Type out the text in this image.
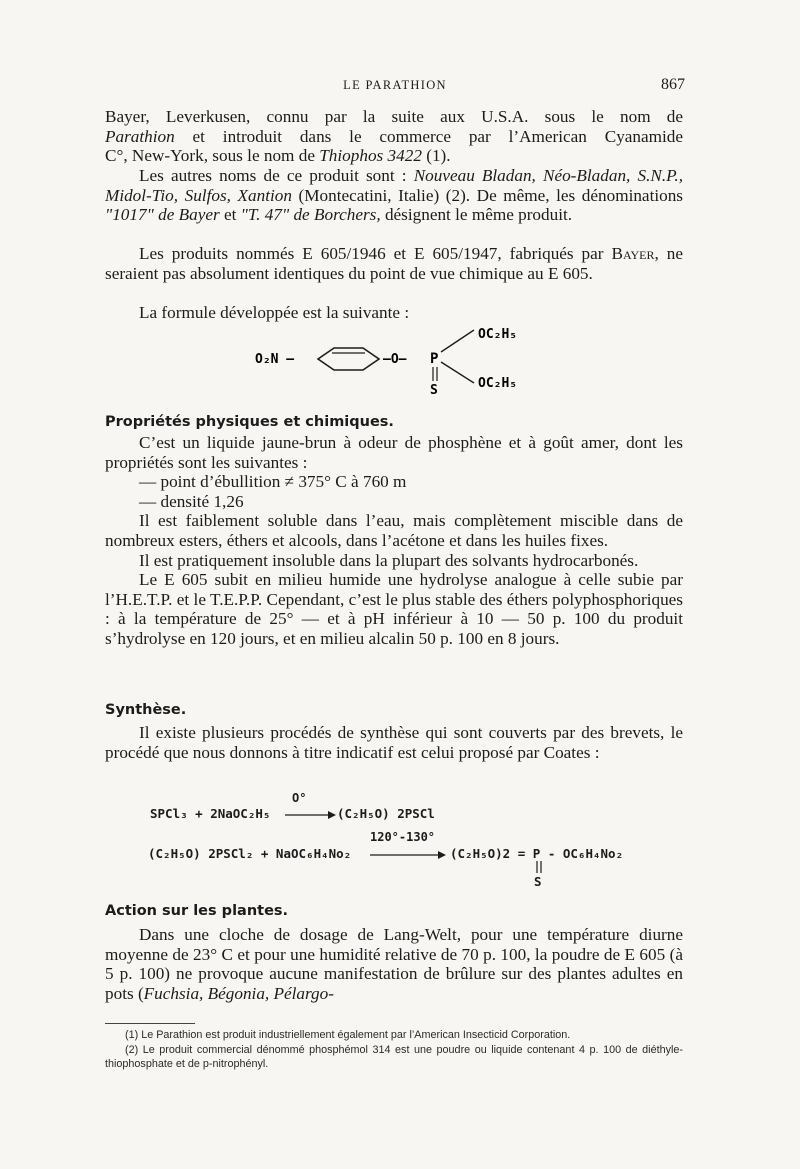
LE PARATHION	867

Bayer, Leverkusen, connu par la suite aux U.S.A. sous le nom de

Parathion et introduit dans le commerce par l’American Cyanamide

C°, New-York, sous le nom de Thiophos 3422 (1).

Les autres noms de ce produit sont : Nouveau Bladan, Néo-Bladan, S.N.P., Midol-Tio, Sulfos, Xantion (Montecatini, Italie) (2). De même, les dénominations "1017" de Bayer et "T. 47" de Borchers, désignent le même produit.

Les produits nommés E 605/1946 et E 605/1947, fabriqués par Bayer, ne seraient pas absolument identiques du point de vue chimique au E 605.

La formule développée est la suivante :

O₂N —	—O— P
S
OC₂H₅
OC₂H₅
Propriétés physiques et chimiques.

C’est un liquide jaune-brun à odeur de phosphène et à goût amer, dont les propriétés sont les suivantes :

— point d’ébullition ≠ 375° C à 760 m

— densité 1,26

Il est faiblement soluble dans l’eau, mais complètement miscible dans de nombreux esters, éthers et alcools, dans l’acétone et dans les huiles fixes.

Il est pratiquement insoluble dans la plupart des solvants hydrocarbonés.

Le E 605 subit en milieu humide une hydrolyse analogue à celle subie par l’H.E.T.P. et le T.E.P.P. Cependant, c’est le plus stable des éthers polyphosphoriques : à la température de 25° — et à pH inférieur à 10 — 50 p. 100 du produit s’hydrolyse en 120 jours, et en milieu alcalin 50 p. 100 en 8 jours.

Synthèse.

Il existe plusieurs procédés de synthèse qui sont couverts par des brevets, le procédé que nous donnons à titre indicatif est celui proposé par Coates :

O°
SPCl₃ + 2NaOC₂H₅	(C₂H₅O) 2PSCl
120°-130°
(C₂H₅O) 2PSCl₂ + NaOC₆H₄No₂	(C₂H₅O)2 = P - OC₆H₄No₂
S
Action sur les plantes.

Dans une cloche de dosage de Lang-Welt, pour une température diurne moyenne de 23° C et pour une humidité relative de 70 p. 100, la poudre de E 605 (à 5 p. 100) ne provoque aucune manifestation de brûlure sur des plantes adultes en pots (Fuchsia, Bégonia, Pélargo-

(1) Le Parathion est produit industriellement également par l’American Insecticid Corporation.

(2) Le produit commercial dénommé phosphémol 314 est une poudre ou liquide contenant 4 p. 100 de diéthyle-thiophosphate et de p-nitrophényl.
